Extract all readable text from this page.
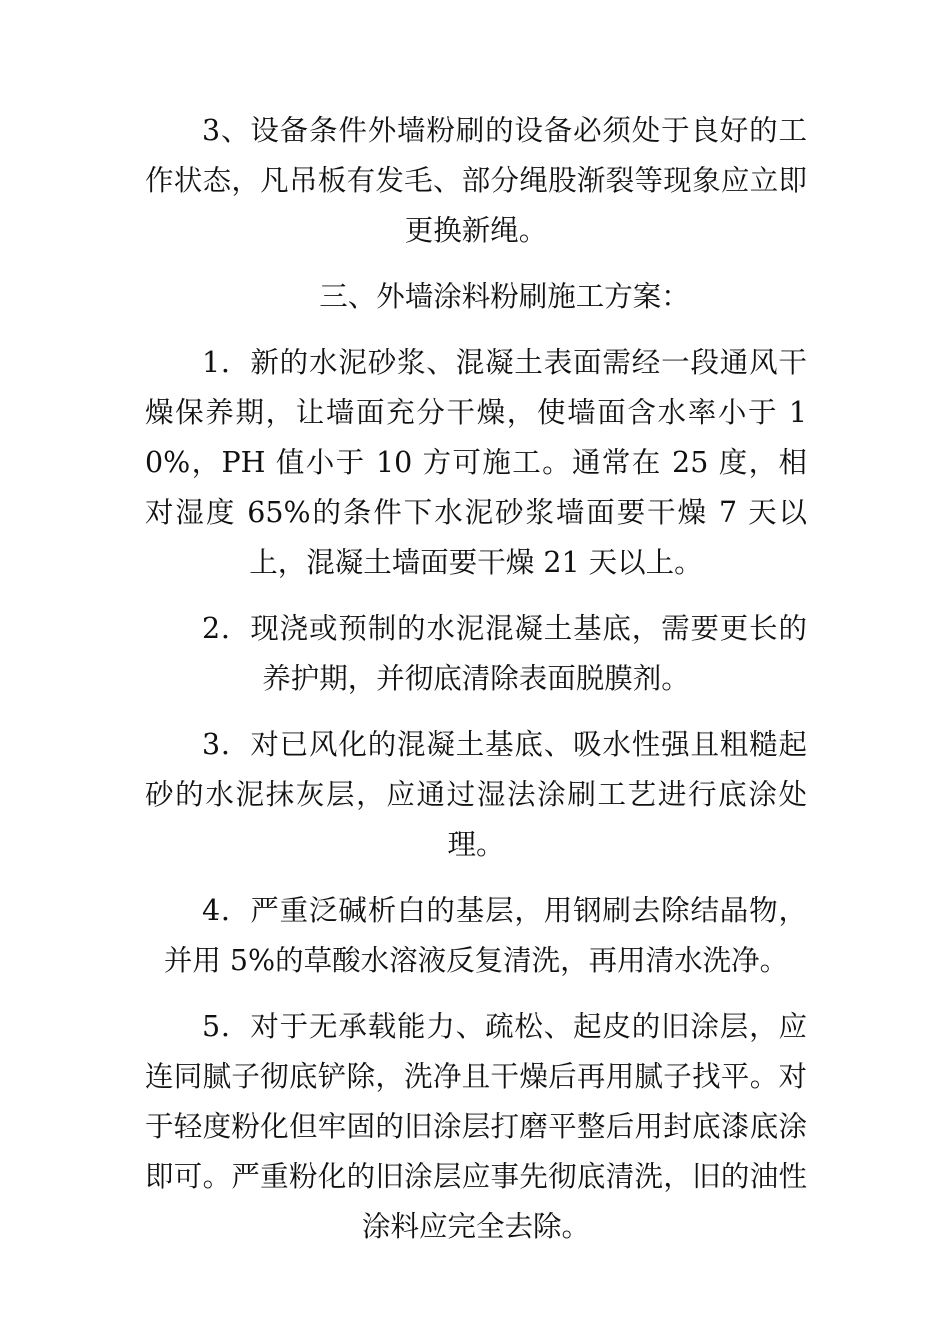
3、设备条件外墙粉刷的设备必须处于良好的工作状态，凡吊板有发毛、部分绳股渐裂等现象应立即更换新绳。

三、外墙涂料粉刷施工方案：

1．新的水泥砂浆、混凝土表面需经一段通风干燥保养期，让墙面充分干燥，使墙面含水率小于 10%，PH 值小于 10 方可施工。通常在 25 度，相对湿度 65%的条件下水泥砂浆墙面要干燥 7 天以上，混凝土墙面要干燥 21 天以上。

2．现浇或预制的水泥混凝土基底，需要更长的养护期，并彻底清除表面脱膜剂。

3．对已风化的混凝土基底、吸水性强且粗糙起砂的水泥抹灰层，应通过湿法涂刷工艺进行底涂处理。

4．严重泛碱析白的基层，用钢刷去除结晶物，并用 5%的草酸水溶液反复清洗，再用清水洗净。

5．对于无承载能力、疏松、起皮的旧涂层，应连同腻子彻底铲除，洗净且干燥后再用腻子找平。对于轻度粉化但牢固的旧涂层打磨平整后用封底漆底涂即可。严重粉化的旧涂层应事先彻底清洗，旧的油性涂料应完全去除。
